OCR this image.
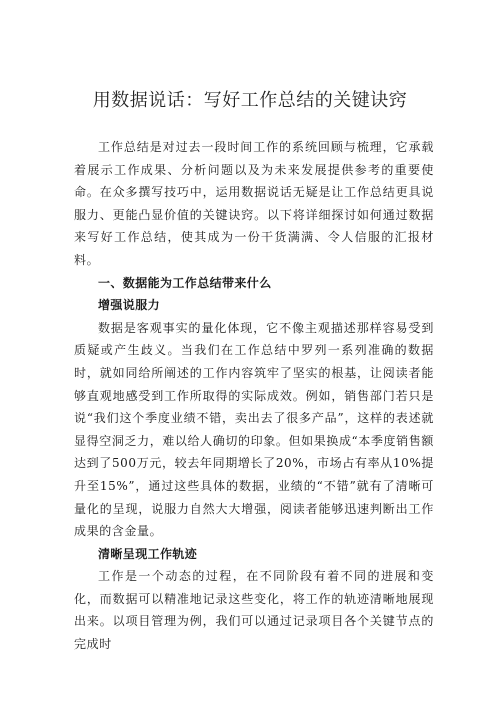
用数据说话：写好工作总结的关键诀窍

工作总结是对过去一段时间工作的系统回顾与梳理，它承载着展示工作成果、分析问题以及为未来发展提供参考的重要使命。在众多撰写技巧中，运用数据说话无疑是让工作总结更具说服力、更能凸显价值的关键诀窍。以下将详细探讨如何通过数据来写好工作总结，使其成为一份干货满满、令人信服的汇报材料。

一、数据能为工作总结带来什么

增强说服力

数据是客观事实的量化体现，它不像主观描述那样容易受到质疑或产生歧义。当我们在工作总结中罗列一系列准确的数据时，就如同给所阐述的工作内容筑牢了坚实的根基，让阅读者能够直观地感受到工作所取得的实际成效。例如，销售部门若只是说“我们这个季度业绩不错，卖出去了很多产品”，这样的表述就显得空洞乏力，难以给人确切的印象。但如果换成“本季度销售额达到了500万元，较去年同期增长了20%，市场占有率从10%提升至15%”，通过这些具体的数据，业绩的“不错”就有了清晰可量化的呈现，说服力自然大大增强，阅读者能够迅速判断出工作成果的含金量。

清晰呈现工作轨迹

工作是一个动态的过程，在不同阶段有着不同的进展和变化，而数据可以精准地记录这些变化，将工作的轨迹清晰地展现出来。以项目管理为例，我们可以通过记录项目各个关键节点的完成时
